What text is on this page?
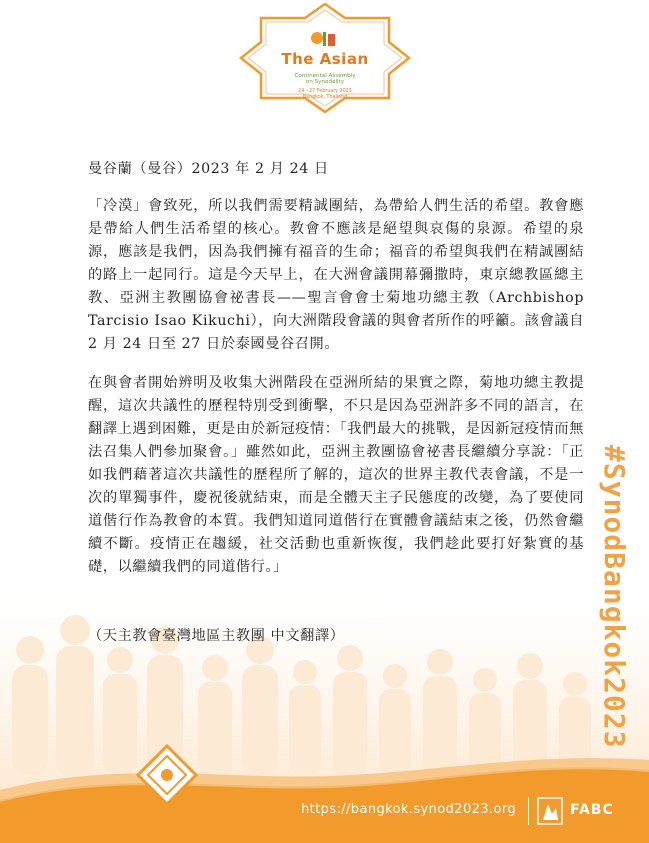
The Asian
Continental Assembly
on Synodality
24 - 27 February 2023
Bangkok, Thailand

曼谷蘭（曼谷）2023 年 2 月 24 日

「冷漠」會致死，所以我們需要精誠團結，為帶給人們生活的希望。教會應是帶給人們生活希望的核心。教會不應該是絕望與哀傷的泉源。希望的泉源，應該是我們，因為我們擁有福音的生命；福音的希望與我們在精誠團結的路上一起同行。這是今天早上，在大洲會議開幕彌撒時，東京總教區總主教、亞洲主教團協會祕書長——聖言會會士菊地功總主教（Archbishop Tarcisio Isao Kikuchi），向大洲階段會議的與會者所作的呼籲。該會議自 2 月 24 日至 27 日於泰國曼谷召開。

在與會者開始辨明及收集大洲階段在亞洲所結的果實之際，菊地功總主教提醒，這次共議性的歷程特別受到衝擊，不只是因為亞洲許多不同的語言，在翻譯上遇到困難，更是由於新冠疫情：「我們最大的挑戰，是因新冠疫情而無法召集人們參加聚會。」雖然如此，亞洲主教團協會祕書長繼續分享說：「正如我們藉著這次共議性的歷程所了解的，這次的世界主教代表會議，不是一次的單獨事件，慶祝後就結束，而是全體天主子民態度的改變，為了要使同道偕行作為教會的本質。我們知道同道偕行在實體會議結束之後，仍然會繼續不斷。疫情正在趨緩，社交活動也重新恢復，我們趁此要打好紮實的基礎，以繼續我們的同道偕行。」

（天主教會臺灣地區主教團 中文翻譯）	#SynodBangkok2023
https://bangkok.synod2023.org	FABC
